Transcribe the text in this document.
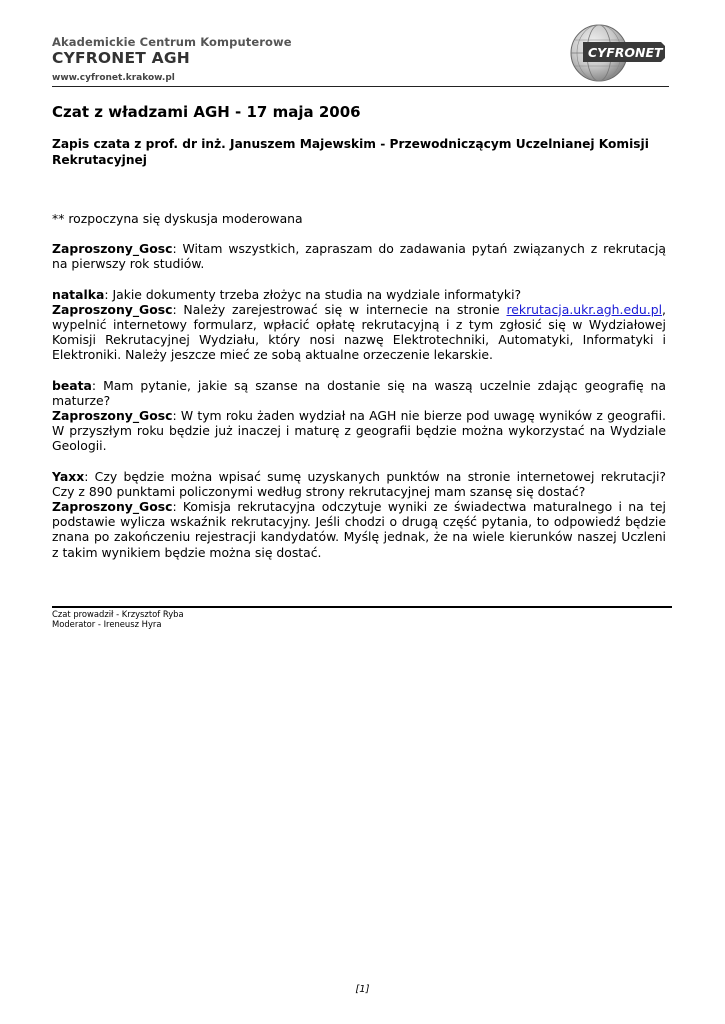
Akademickie Centrum Komputerowe
CYFRONET AGH
www.cyfronet.krakow.pl
CYFRONET
Czat z władzami AGH - 17 maja 2006
Zapis czata z prof. dr inż. Januszem Majewskim - Przewodniczącym Uczelnianej Komisji Rekrutacyjnej

** rozpoczyna się dyskusja moderowana

Zaproszony_Gosc: Witam wszystkich, zapraszam do zadawania pytań związanych z rekrutacją na pierwszy rok studiów.

natalka: Jakie dokumenty trzeba złożyc na studia na wydziale informatyki?

Zaproszony_Gosc: Należy zarejestrować się w internecie na stronie rekrutacja.ukr.agh.edu.pl, wypelnić internetowy formularz, wpłacić opłatę rekrutacyjną i z tym zgłosić się w Wydziałowej Komisji Rekrutacyjnej Wydziału, który nosi nazwę Elektrotechniki, Automatyki, Informatyki i Elektroniki. Należy jeszcze mieć ze sobą aktualne orzeczenie lekarskie.

beata: Mam pytanie, jakie są szanse na dostanie się na waszą uczelnie zdając geografię na maturze?

Zaproszony_Gosc: W tym roku żaden wydział na AGH nie bierze pod uwagę wyników z geografii. W przyszłym roku będzie już inaczej i maturę z geografii będzie można wykorzystać na Wydziale Geologii.

Yaxx: Czy będzie można wpisać sumę uzyskanych punktów na stronie internetowej rekrutacji? Czy z 890 punktami policzonymi według strony rekrutacyjnej mam szansę się dostać?

Zaproszony_Gosc: Komisja rekrutacyjna odczytuje wyniki ze świadectwa maturalnego i na tej podstawie wylicza wskaźnik rekrutacyjny. Jeśli chodzi o drugą część pytania, to odpowiedź będzie znana po zakończeniu rejestracji kandydatów. Myślę jednak, że na wiele kierunków naszej Uczleni z takim wynikiem będzie można się dostać.

Czat prowadził - Krzysztof Ryba
Moderator - Ireneusz Hyra
[1]
